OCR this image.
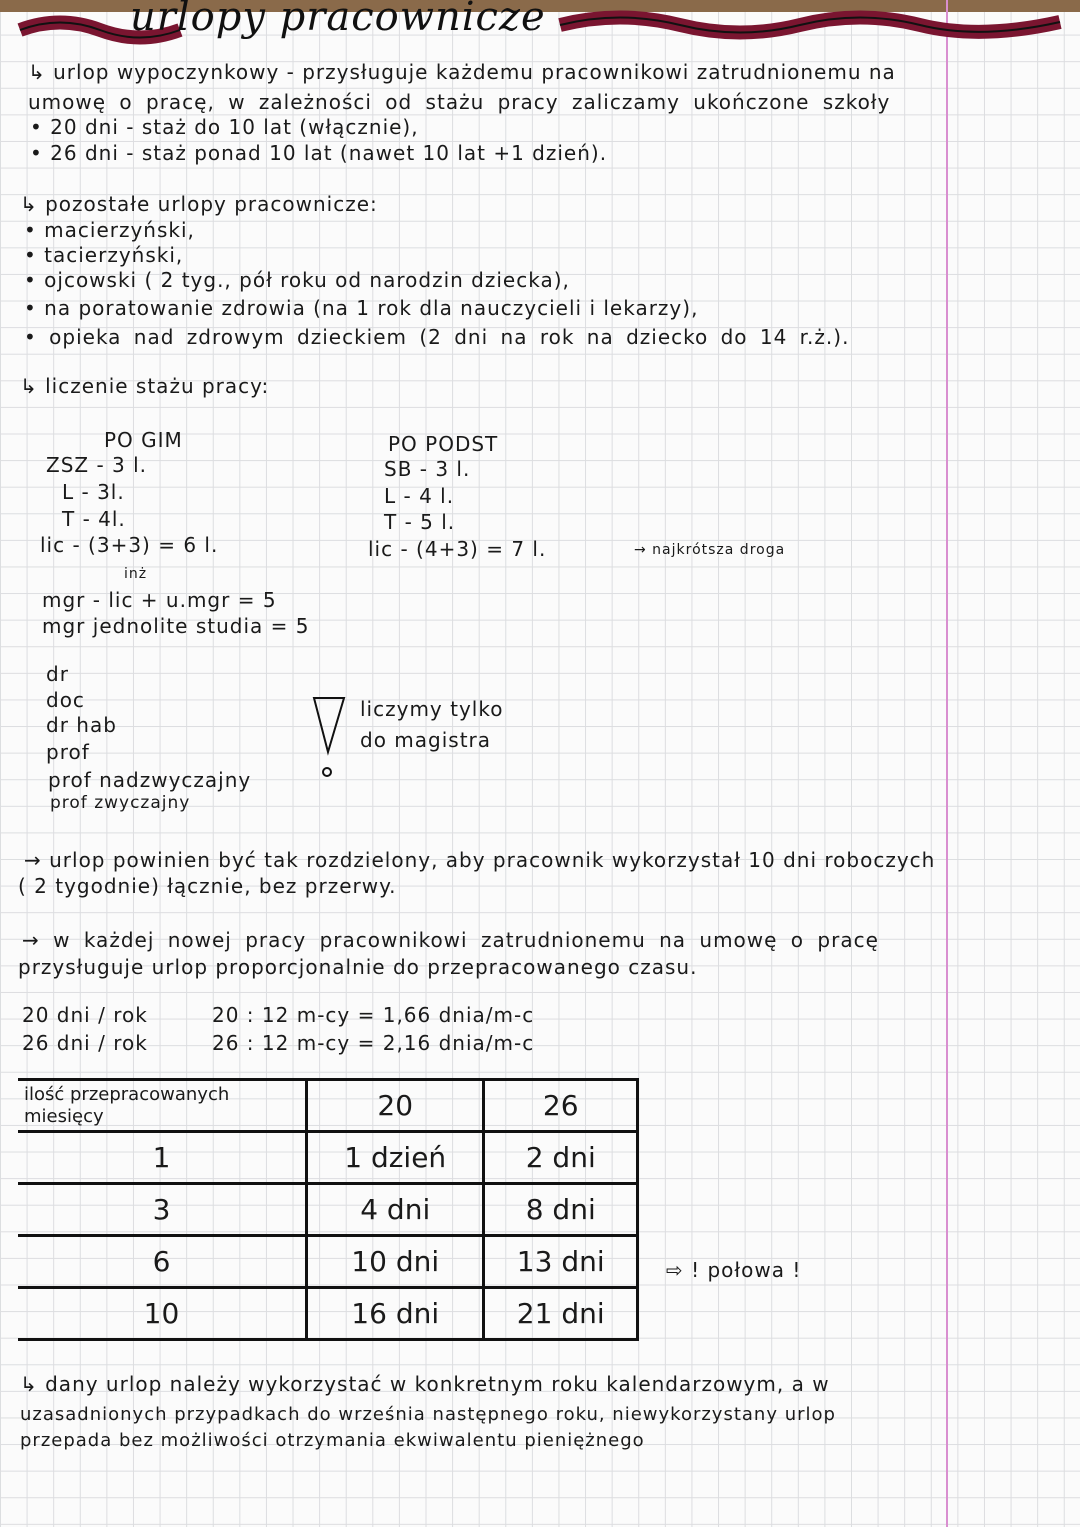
urlopy pracownicze
↳ urlop wypoczynkowy - przysługuje każdemu pracownikowi zatrudnionemu na
umowę o pracę, w zależności od stażu pracy zaliczamy ukończone szkoły
• 20 dni - staż do 10 lat (włącznie),
• 26 dni - staż ponad 10 lat (nawet 10 lat +1 dzień).
↳ pozostałe urlopy pracownicze:
• macierzyński,
• tacierzyński,
• ojcowski ( 2 tyg., pół roku od narodzin dziecka),
• na poratowanie zdrowia (na 1 rok dla nauczycieli i lekarzy),
• opieka nad zdrowym dzieckiem (2 dni na rok na dziecko do 14 r.ż.).
↳ liczenie stażu pracy:
PO GIM
ZSZ - 3 l.
L - 3l.
T - 4l.
lic - (3+3) = 6 l.
PO PODST
SB - 3 l.
L - 4 l.
T - 5 l.
lic - (4+3) = 7 l.	→ najkrótsza droga
inż
mgr - lic + u.mgr = 5
mgr jednolite studia = 5
dr
doc
dr hab
prof
prof nadzwyczajny
prof zwyczajny
liczymy tylko
do magistra
→ urlop powinien być tak rozdzielony, aby pracownik wykorzystał 10 dni roboczych
( 2 tygodnie) łącznie, bez przerwy.
→ w każdej nowej pracy pracownikowi zatrudnionemu na umowę o pracę
przysługuje urlop proporcjonalnie do przepracowanego czasu.
20 dni / rok	20 : 12 m-cy = 1,66 dnia/m-c
26 dni / rok	26 : 12 m-cy = 2,16 dnia/m-c
ilość przepracowanych miesięcy	20	26
1	1 dzień	2 dni
3	4 dni	8 dni
6	10 dni	13 dni
10	16 dni	21 dni
⇨ ! połowa !
↳ dany urlop należy wykorzystać w konkretnym roku kalendarzowym, a w
uzasadnionych przypadkach do września następnego roku, niewykorzystany urlop
przepada bez możliwości otrzymania ekwiwalentu pieniężnego
